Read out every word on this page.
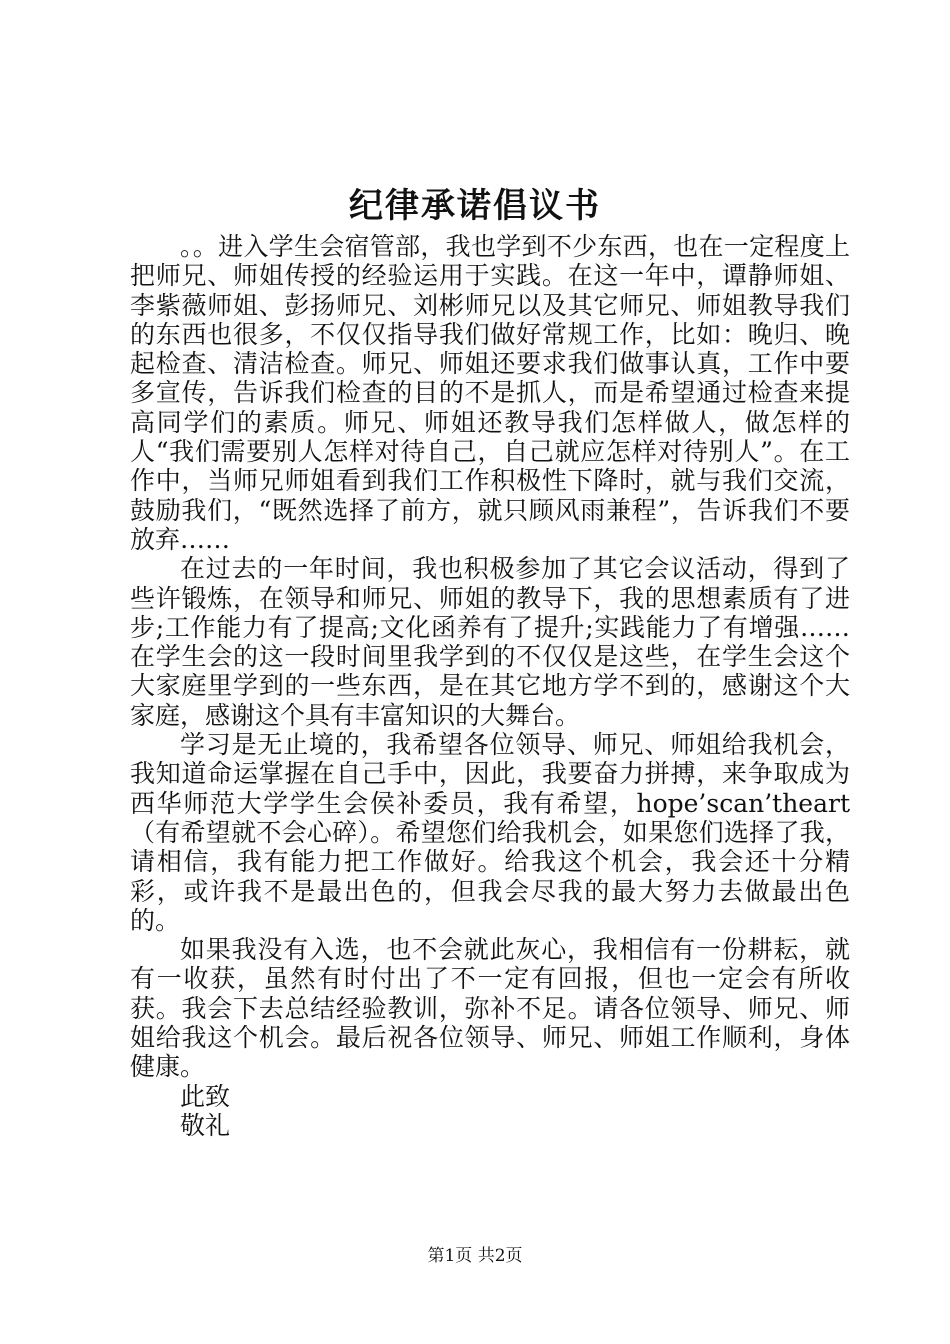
纪律承诺倡议书

。。进入学生会宿管部，我也学到不少东西，也在一定程度上把师兄、师姐传授的经验运用于实践。在这一年中，谭静师姐、李紫薇师姐、彭扬师兄、刘彬师兄以及其它师兄、师姐教导我们的东西也很多，不仅仅指导我们做好常规工作，比如：晚归、晚起检查、清洁检查。师兄、师姐还要求我们做事认真，工作中要多宣传，告诉我们检查的目的不是抓人，而是希望通过检查来提高同学们的素质。师兄、师姐还教导我们怎样做人，做怎样的人“我们需要别人怎样对待自己，自己就应怎样对待别人”。在工作中，当师兄师姐看到我们工作积极性下降时，就与我们交流，鼓励我们，“既然选择了前方，就只顾风雨兼程”，告诉我们不要放弃……

在过去的一年时间，我也积极参加了其它会议活动，得到了些许锻炼，在领导和师兄、师姐的教导下，我的思想素质有了进步;工作能力有了提高;文化函养有了提升;实践能力了有增强……在学生会的这一段时间里我学到的不仅仅是这些，在学生会这个大家庭里学到的一些东西，是在其它地方学不到的，感谢这个大家庭，感谢这个具有丰富知识的大舞台。

学习是无止境的，我希望各位领导、师兄、师姐给我机会，我知道命运掌握在自己手中，因此，我要奋力拼搏，来争取成为西华师范大学学生会侯补委员，我有希望，hope’scan’theart（有希望就不会心碎）。希望您们给我机会，如果您们选择了我，请相信，我有能力把工作做好。给我这个机会，我会还十分精彩，或许我不是最出色的，但我会尽我的最大努力去做最出色的。

如果我没有入选，也不会就此灰心，我相信有一份耕耘，就有一收获，虽然有时付出了不一定有回报，但也一定会有所收获。我会下去总结经验教训，弥补不足。请各位领导、师兄、师姐给我这个机会。最后祝各位领导、师兄、师姐工作顺利，身体健康。

此致

敬礼

第1页 共2页
